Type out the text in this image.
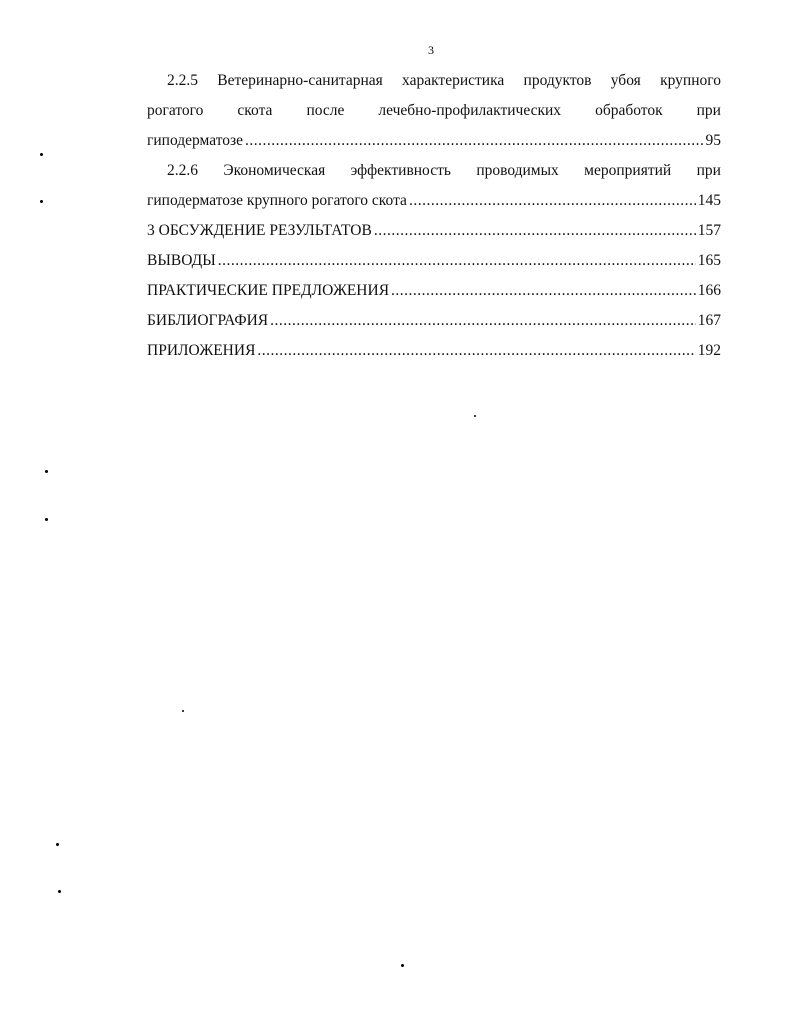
3
2.2.5 Ветеринарно-санитарная характеристика продуктов убоя крупного
рогатого скота после лечебно-профилактических обработок при
гиподерматозе .....	95
2.2.6 Экономическая эффективность проводимых мероприятий при
гиподерматозе крупного рогатого скота .....	145
3 ОБСУЖДЕНИЕ РЕЗУЛЬТАТОВ .....	157
ВЫВОДЫ .....	165
ПРАКТИЧЕСКИЕ ПРЕДЛОЖЕНИЯ .....	166
БИБЛИОГРАФИЯ .....	167
ПРИЛОЖЕНИЯ .....	192
